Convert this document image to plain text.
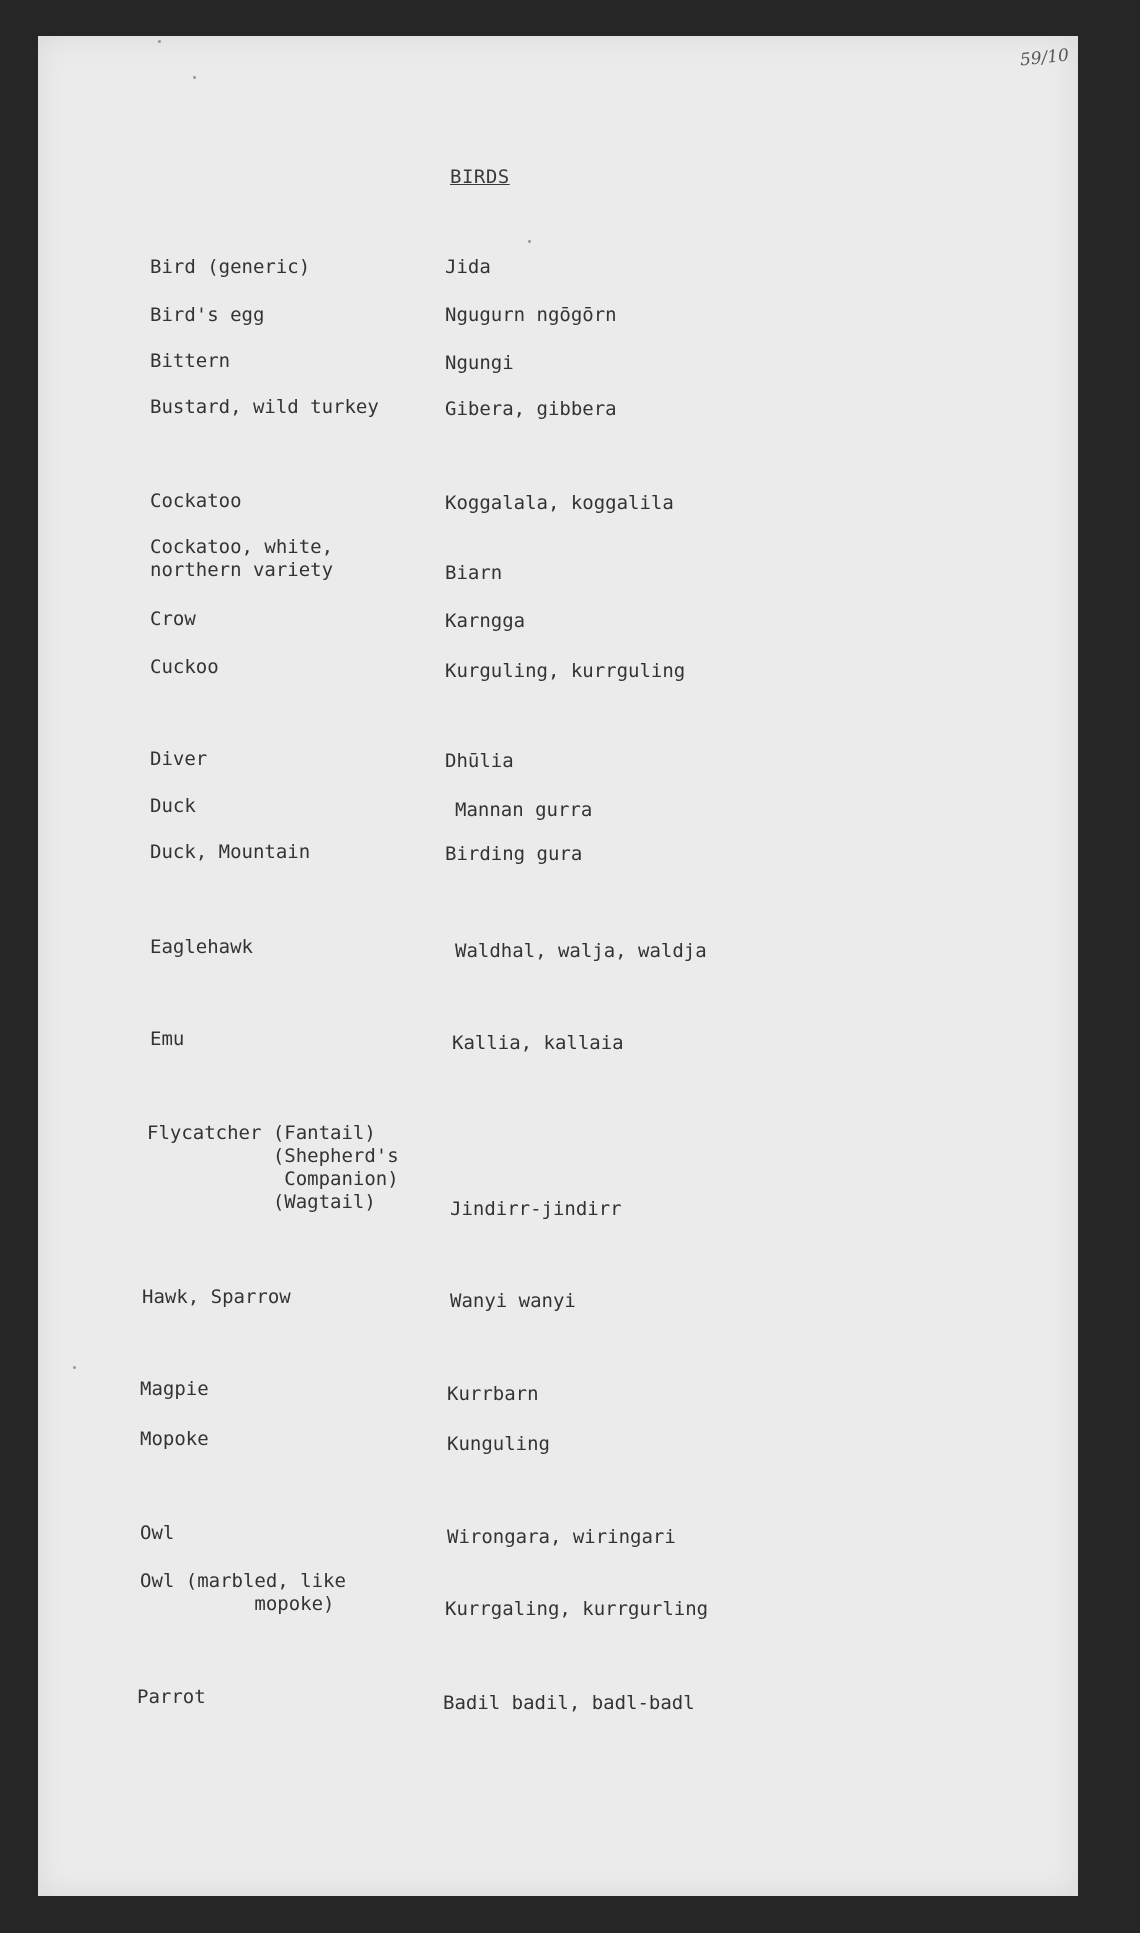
59/10
BIRDS
Bird (generic)	Jida
Bird's egg	Ngugurn ngōgōrn
Bittern	Ngungi
Bustard, wild turkey	Gibera, gibbera
Cockatoo	Koggalala, koggalila
Cockatoo, white,
northern variety	Biarn
Crow	Karngga
Cuckoo	Kurguling, kurrguling
Diver	Dhūlia
Duck	Mannan gurra
Duck, Mountain	Birding gura
Eaglehawk	Waldhal, walja, waldja
Emu	Kallia, kallaia
Flycatcher (Fantail)
(Shepherd's
Companion)
(Wagtail)	Jindirr-jindirr
Hawk, Sparrow	Wanyi wanyi
Magpie	Kurrbarn
Mopoke	Kunguling
Owl	Wirongara, wiringari
Owl (marbled, like
mopoke)	Kurrgaling, kurrgurling
Parrot	Badil badil, badl-badl
